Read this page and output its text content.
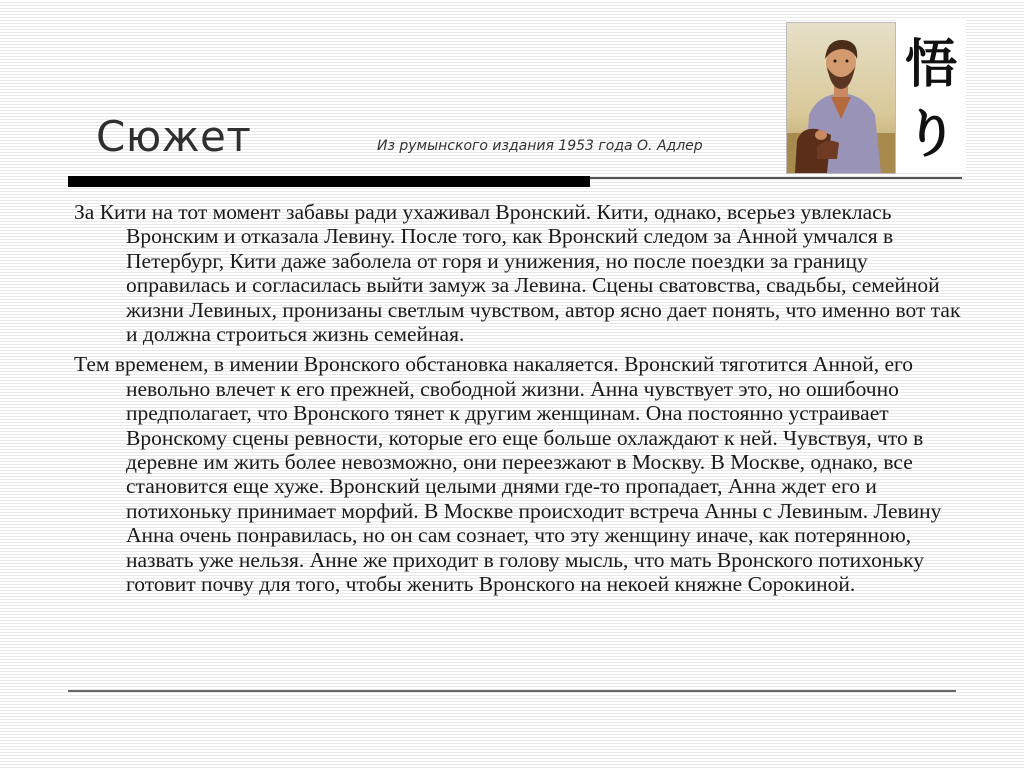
Сюжет	Из румынского издания 1953 года О. Адлер
悟
り

За Кити на тот момент забавы ради ухаживал Вронский. Кити, однако, всерьез увлеклась Вронским и отказала Левину. После того, как Вронский следом за Анной умчался в Петербург, Кити даже заболела от горя и унижения, но после поездки за границу оправилась и согласилась выйти замуж за Левина. Сцены сватовства, свадьбы, семейной жизни Левиных, пронизаны светлым чувством, автор ясно дает понять, что именно вот так и должна строиться жизнь семейная.

Тем временем, в имении Вронского обстановка накаляется. Вронский тяготится Анной, его невольно влечет к его прежней, свободной жизни. Анна чувствует это, но ошибочно предполагает, что Вронского тянет к другим женщинам. Она постоянно устраивает Вронскому сцены ревности, которые его еще больше охлаждают к ней. Чувствуя, что в деревне им жить более невозможно, они переезжают в Москву. В Москве, однако, все становится еще хуже. Вронский целыми днями где-то пропадает, Анна ждет его и потихоньку принимает морфий. В Москве происходит встреча Анны с Левиным. Левину Анна очень понравилась, но он сам сознает, что эту женщину иначе, как потерянною, назвать уже нельзя. Анне же приходит в голову мысль, что мать Вронского потихоньку готовит почву для того, чтобы женить Вронского на некоей княжне Сорокиной.
